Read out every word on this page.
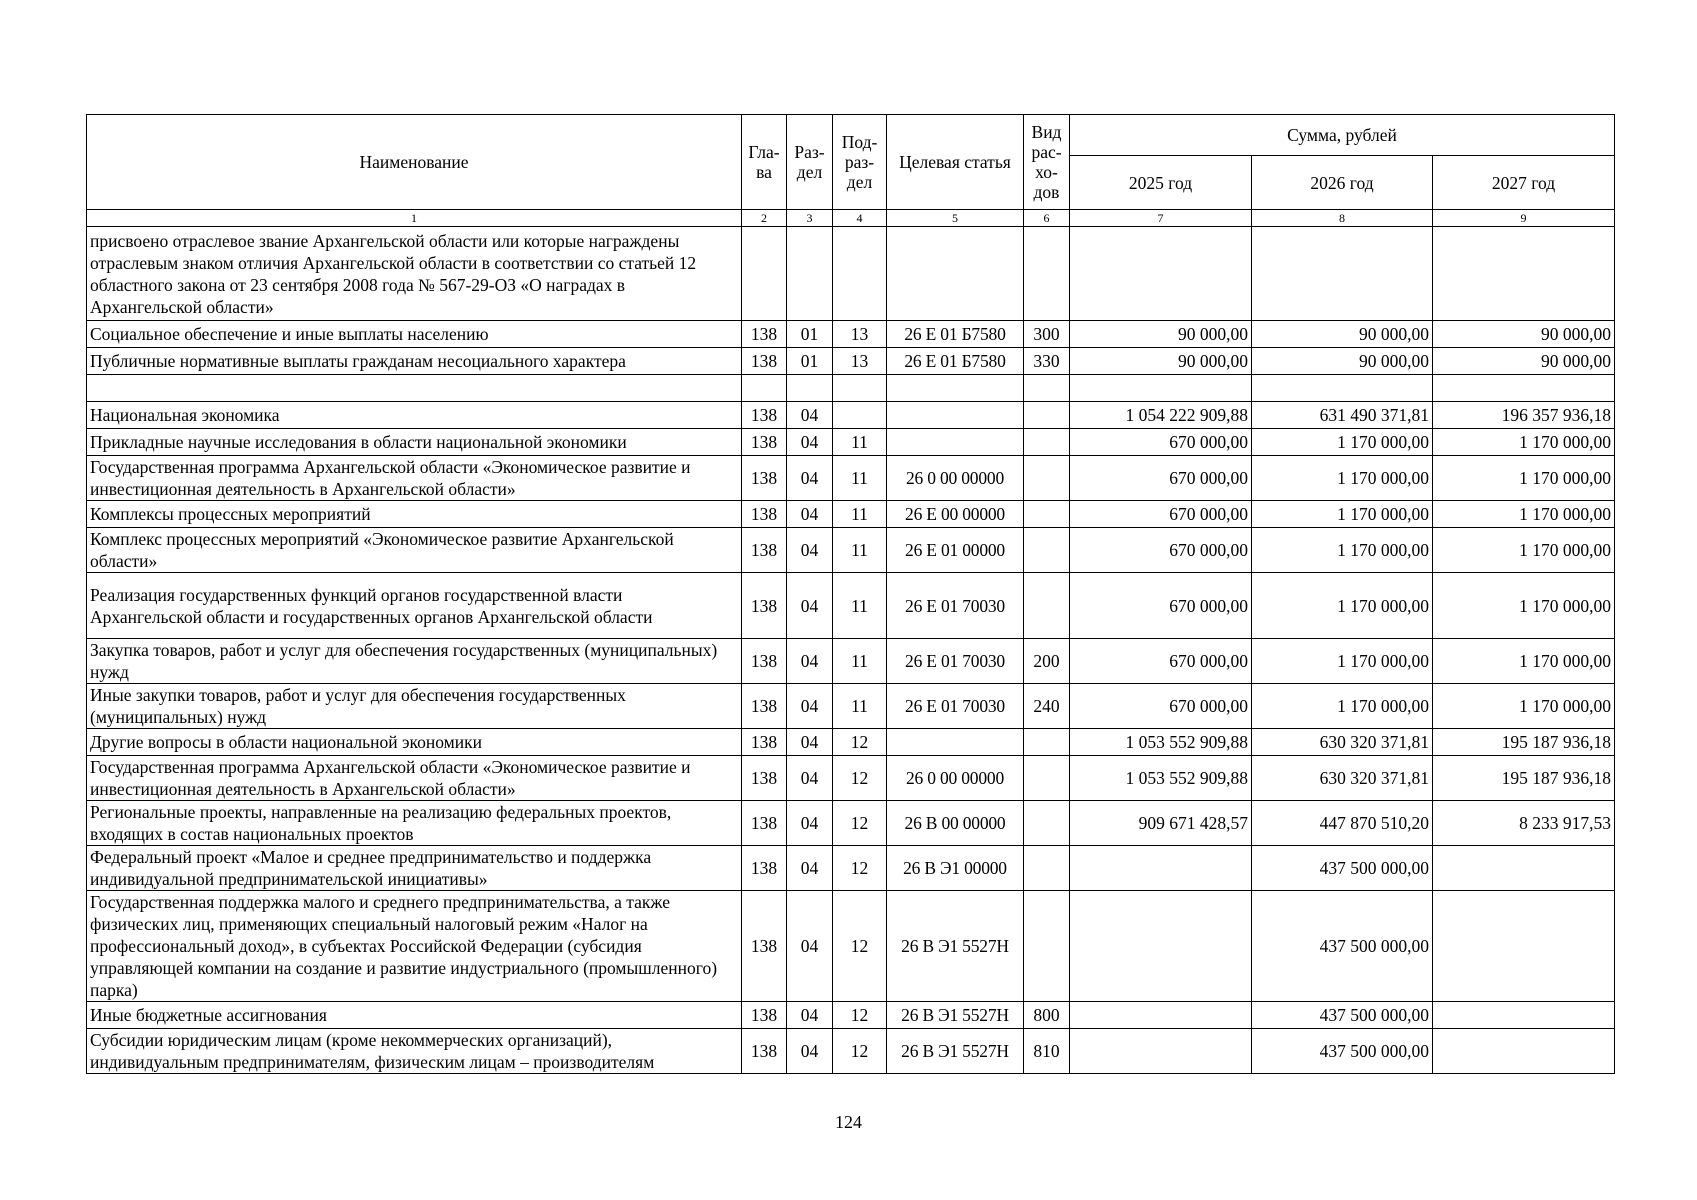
Наименование	Гла-ва	Раз-дел	Под-раз-дел	Целевая статья	Вид рас-хо-дов	Сумма, рублей		
						2025 год	2026 год	2027 год
1	2	3	4	5	6	7	8	9
присвоено отраслевое звание Архангельской области или которые награждены отраслевым знаком отличия Архангельской области в соответствии со статьей 12 областного закона от 23 сентября 2008 года № 567-29-ОЗ «О наградах в Архангельской области»								
Социальное обеспечение и иные выплаты населению	138	01	13	26 Е 01 Б7580	300	90 000,00	90 000,00	90 000,00
Публичные нормативные выплаты гражданам несоциального характера	138	01	13	26 Е 01 Б7580	330	90 000,00	90 000,00	90 000,00

Национальная экономика	138	04				1 054 222 909,88	631 490 371,81	196 357 936,18
Прикладные научные исследования в области национальной экономики	138	04	11			670 000,00	1 170 000,00	1 170 000,00
Государственная программа Архангельской области «Экономическое развитие и инвестиционная деятельность в Архангельской области»	138	04	11	26 0 00 00000		670 000,00	1 170 000,00	1 170 000,00
Комплексы процессных мероприятий	138	04	11	26 Е 00 00000		670 000,00	1 170 000,00	1 170 000,00
Комплекс процессных мероприятий «Экономическое развитие Архангельской области»	138	04	11	26 Е 01 00000		670 000,00	1 170 000,00	1 170 000,00
Реализация государственных функций органов государственной власти Архангельской области и государственных органов Архангельской области	138	04	11	26 Е 01 70030		670 000,00	1 170 000,00	1 170 000,00
Закупка товаров, работ и услуг для обеспечения государственных (муниципальных) нужд	138	04	11	26 Е 01 70030	200	670 000,00	1 170 000,00	1 170 000,00
Иные закупки товаров, работ и услуг для обеспечения государственных (муниципальных) нужд	138	04	11	26 Е 01 70030	240	670 000,00	1 170 000,00	1 170 000,00
Другие вопросы в области национальной экономики	138	04	12			1 053 552 909,88	630 320 371,81	195 187 936,18
Государственная программа Архангельской области «Экономическое развитие и инвестиционная деятельность в Архангельской области»	138	04	12	26 0 00 00000		1 053 552 909,88	630 320 371,81	195 187 936,18
Региональные проекты, направленные на реализацию федеральных проектов, входящих в состав национальных проектов	138	04	12	26 В 00 00000		909 671 428,57	447 870 510,20	8 233 917,53
Федеральный проект «Малое и среднее предпринимательство и поддержка индивидуальной предпринимательской инициативы»	138	04	12	26 В Э1 00000			437 500 000,00	
Государственная поддержка малого и среднего предпринимательства, а также физических лиц, применяющих специальный налоговый режим «Налог на профессиональный доход», в субъектах Российской Федерации (субсидия управляющей компании на создание и развитие индустриального (промышленного) парка)	138	04	12	26 В Э1 5527Н			437 500 000,00	
Иные бюджетные ассигнования	138	04	12	26 В Э1 5527Н	800		437 500 000,00	
Субсидии юридическим лицам (кроме некоммерческих организаций), индивидуальным предпринимателям, физическим лицам – производителям	138	04	12	26 В Э1 5527Н	810		437 500 000,00	
124
